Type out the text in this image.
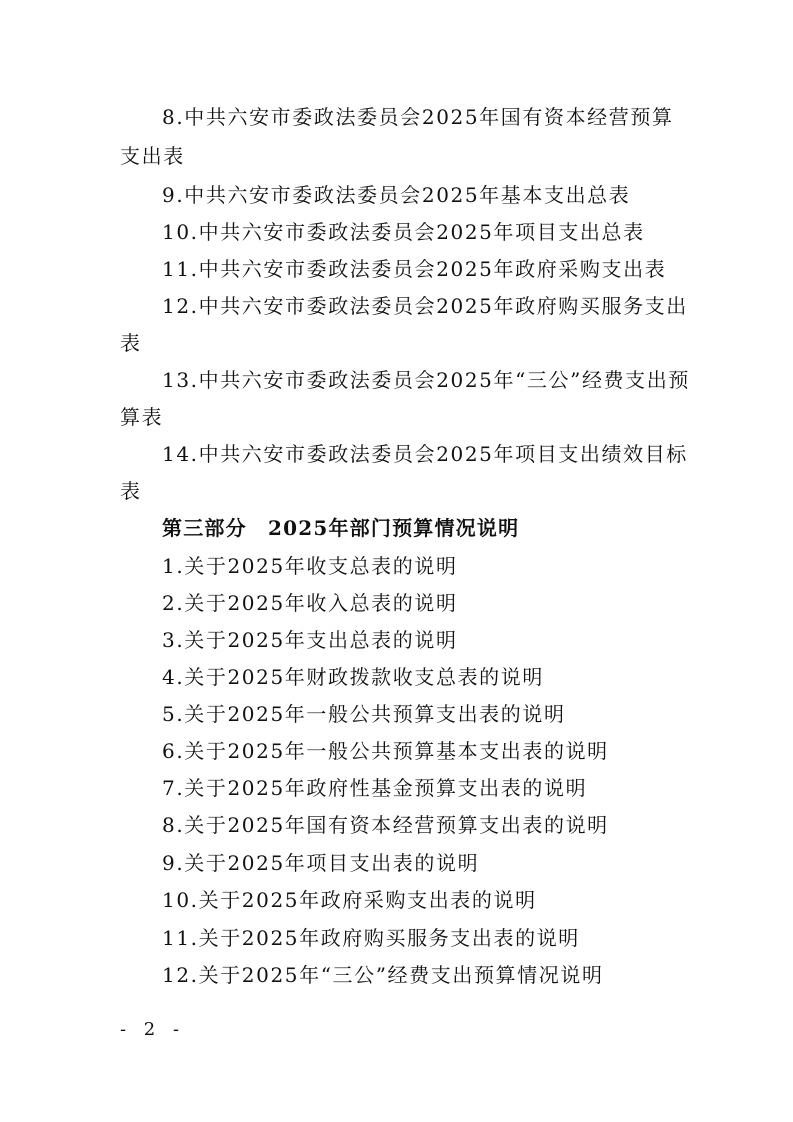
8.中共六安市委政法委员会2025年国有资本经营预算
支出表
9.中共六安市委政法委员会2025年基本支出总表
10.中共六安市委政法委员会2025年项目支出总表
11.中共六安市委政法委员会2025年政府采购支出表
12.中共六安市委政法委员会2025年政府购买服务支出
表
13.中共六安市委政法委员会2025年“三公”经费支出预
算表
14.中共六安市委政法委员会2025年项目支出绩效目标
表
第三部分　2025年部门预算情况说明
1.关于2025年收支总表的说明
2.关于2025年收入总表的说明
3.关于2025年支出总表的说明
4.关于2025年财政拨款收支总表的说明
5.关于2025年一般公共预算支出表的说明
6.关于2025年一般公共预算基本支出表的说明
7.关于2025年政府性基金预算支出表的说明
8.关于2025年国有资本经营预算支出表的说明
9.关于2025年项目支出表的说明
10.关于2025年政府采购支出表的说明
11.关于2025年政府购买服务支出表的说明
12.关于2025年“三公”经费支出预算情况说明
- 2 -
